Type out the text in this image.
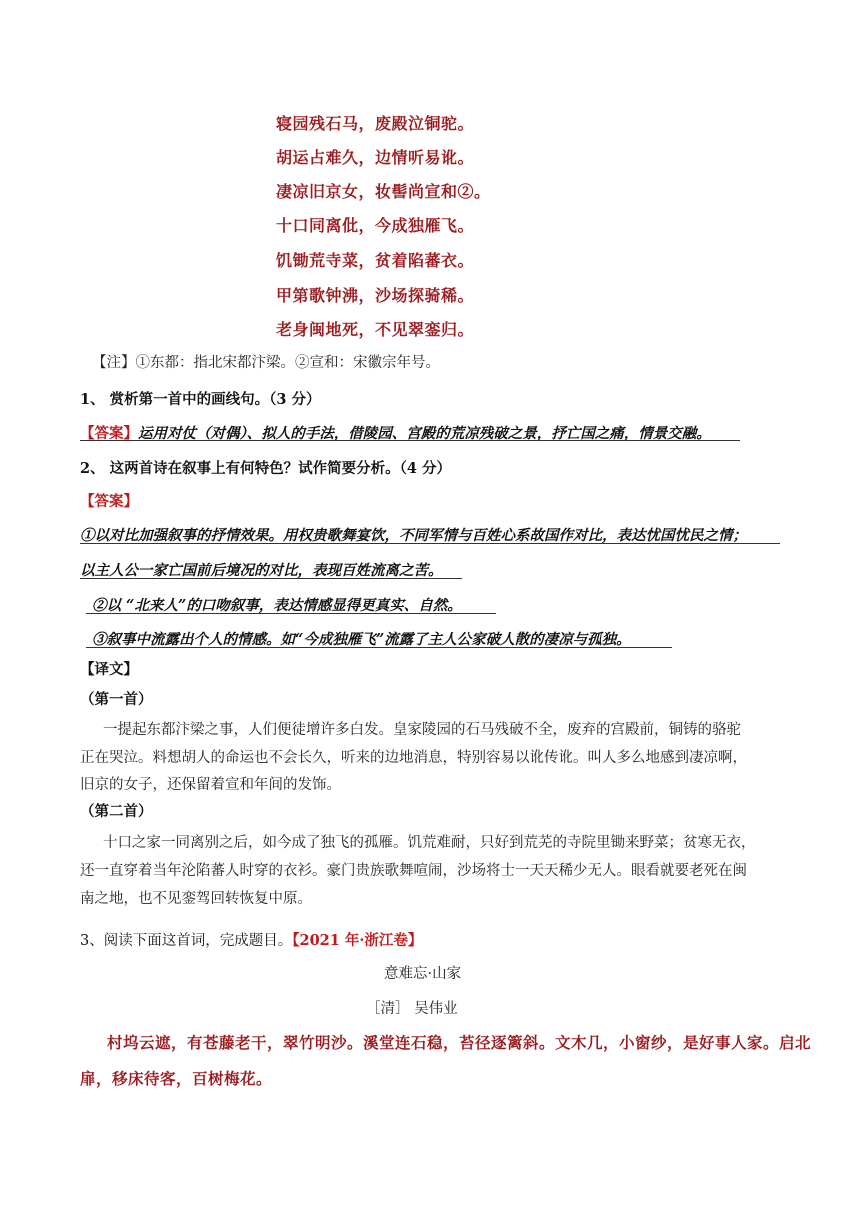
寝园残石马，废殿泣铜驼。
胡运占难久，边情听易讹。
凄凉旧京女，妆髻尚宣和②。
十口同离仳，今成独雁飞。
饥锄荒寺菜，贫着陷蕃衣。
甲第歌钟沸，沙场探骑稀。
老身闽地死，不见翠銮归。
【注】①东都：指北宋都汴梁。②宣和：宋徽宗年号。
1、 赏析第一首中的画线句。（3 分）
【答案】运用对仗（对偶）、拟人的手法，借陵园、宫殿的荒凉残破之景，抒亡国之痛，情景交融。
2、 这两首诗在叙事上有何特色？试作简要分析。（4 分）
【答案】
①以对比加强叙事的抒情效果。用权贵歌舞宴饮，不同军情与百姓心系故国作对比，表达忧国忧民之情；
以主人公一家亡国前后境况的对比，表现百姓流离之苦。
②以 “北来人”的口吻叙事，表达情感显得更真实、自然。
③叙事中流露出个人的情感。如“今成独雁飞”流露了主人公家破人散的凄凉与孤独。
【译文】
（第一首）
一提起东都汴梁之事，人们便徒增许多白发。皇家陵园的石马残破不全，废弃的宫殿前，铜铸的骆驼
正在哭泣。料想胡人的命运也不会长久，听来的边地消息，特别容易以讹传讹。叫人多么地感到凄凉啊，
旧京的女子，还保留着宣和年间的发饰。
（第二首）
十口之家一同离别之后，如今成了独飞的孤雁。饥荒难耐，只好到荒芜的寺院里锄来野菜；贫寒无衣，
还一直穿着当年沦陷蕃人时穿的衣衫。豪门贵族歌舞喧闹，沙场将士一天天稀少无人。眼看就要老死在闽
南之地，也不见銮驾回转恢复中原。
3、阅读下面这首词，完成题目。【2021 年·浙江卷】
意难忘·山家
［清］ 吴伟业
村坞云遮，有苍藤老干，翠竹明沙。溪堂连石稳，苔径逐篱斜。文木几，小窗纱，是好事人家。启北
扉，移床待客，百树梅花。
